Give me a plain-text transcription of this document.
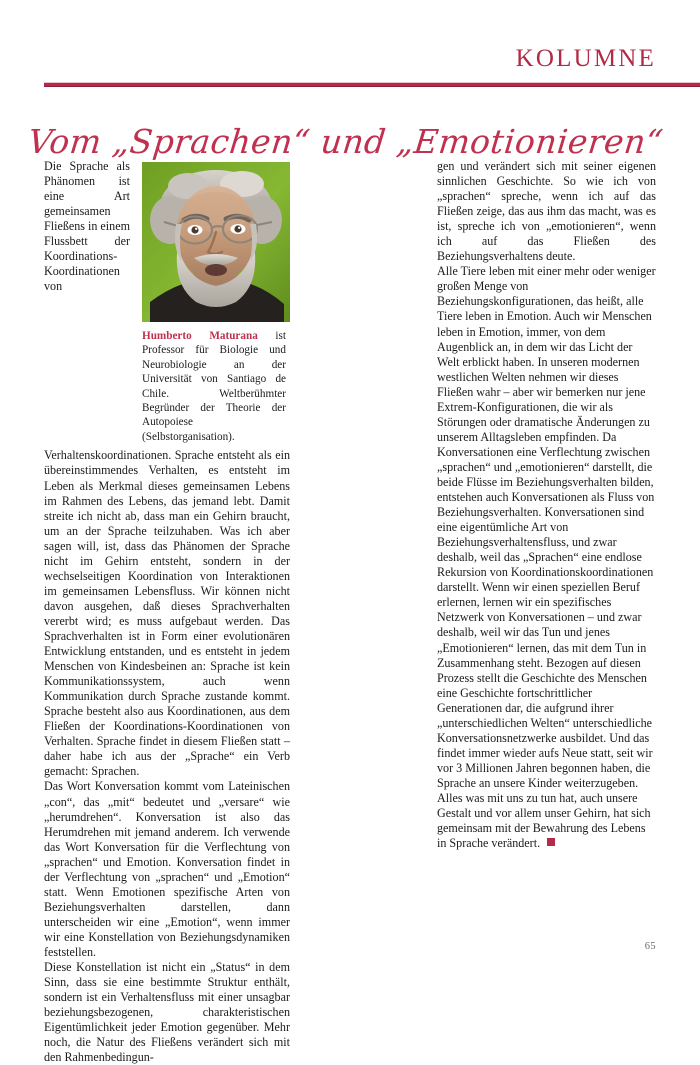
KOLUMNE
Vom „Sprachen“ und „Emotionieren“
Humberto Maturana ist Professor für Biologie und Neurobiologie an der Universität von Santiago de Chile. Weltberühmter Begründer der Theorie der Autopoiese (Selbstorganisation).

Die Sprache als Phänomen ist eine Art gemeinsamen Fließens in einem Flussbett der Koordinations-Koordinationen von Verhaltenskoordinationen. Sprache entsteht als ein übereinstimmendes Verhalten, es entsteht im Leben als Merkmal dieses gemeinsamen Lebens im Rahmen des Lebens, das jemand lebt. Damit streite ich nicht ab, dass man ein Gehirn braucht, um an der Sprache teilzuhaben. Was ich aber sagen will, ist, dass das Phänomen der Sprache nicht im Gehirn entsteht, sondern in der wechselseitigen Koordination von Interaktionen im gemeinsamen Lebensfluss. Wir können nicht davon ausgehen, daß dieses Sprachverhalten vererbt wird; es muss aufgebaut werden. Das Sprachverhalten ist in Form einer evolutionären Entwicklung entstanden, und es entsteht in jedem Menschen von Kindesbeinen an: Sprache ist kein Kommunikationssystem, auch wenn Kommunikation durch Sprache zustande kommt. Sprache besteht also aus Koordinationen, aus dem Fließen der Koordinations-Koordinationen von Verhalten. Sprache findet in diesem Fließen statt – daher habe ich aus der „Sprache“ ein Verb gemacht: Sprachen.

Das Wort Konversation kommt vom Lateinischen „con“, das „mit“ bedeutet und „versare“ wie „herumdrehen“. Konversation ist also das Herumdrehen mit jemand anderem. Ich verwende das Wort Konversation für die Verflechtung von „sprachen“ und Emotion. Konversation findet in der Verflechtung von „sprachen“ und „Emotion“ statt. Wenn Emotionen spezifische Arten von Beziehungsverhalten darstellen, dann unterscheiden wir eine „Emotion“, wenn immer wir eine Konstellation von Beziehungsdynamiken feststellen.

Diese Konstellation ist nicht ein „Status“ in dem Sinn, dass sie eine bestimmte Struktur enthält, sondern ist ein Verhaltensfluss mit einer unsagbar beziehungsbezogenen, charakteristischen Eigentümlichkeit jeder Emotion gegenüber. Mehr noch, die Natur des Fließens verändert sich mit den Rahmenbedingun-

gen und verändert sich mit seiner eigenen sinnlichen Geschichte. So wie ich von „sprachen“ spreche, wenn ich auf das Fließen zeige, das aus ihm das macht, was es ist, spreche ich von „emotionieren“, wenn ich auf das Fließen des Beziehungsverhaltens deute.

Alle Tiere leben mit einer mehr oder weniger großen Menge von Beziehungskonfigurationen, das heißt, alle Tiere leben in Emotion. Auch wir Menschen leben in Emotion, immer, von dem Augenblick an, in dem wir das Licht der Welt erblickt haben. In unseren modernen westlichen Welten nehmen wir dieses Fließen wahr – aber wir bemerken nur jene Extrem-Konfigurationen, die wir als Störungen oder dramatische Änderungen zu unserem Alltagsleben empfinden. Da Konversationen eine Verflechtung zwischen „sprachen“ und „emotionieren“ darstellt, die beide Flüsse im Beziehungsverhalten bilden, entstehen auch Konversationen als Fluss von Beziehungsverhalten. Konversationen sind eine eigentümliche Art von Beziehungsverhaltensfluss, und zwar deshalb, weil das „Sprachen“ eine endlose Rekursion von Koordinationskoordinationen darstellt. Wenn wir einen speziellen Beruf erlernen, lernen wir ein spezifisches Netzwerk von Konversationen – und zwar deshalb, weil wir das Tun und jenes „Emotionieren“ lernen, das mit dem Tun in Zusammenhang steht. Bezogen auf diesen Prozess stellt die Geschichte des Menschen eine Geschichte fortschrittlicher Generationen dar, die aufgrund ihrer „unterschiedlichen Welten“ unterschiedliche Konversationsnetzwerke ausbildet. Und das findet immer wieder aufs Neue statt, seit wir vor 3 Millionen Jahren begonnen haben, die Sprache an unsere Kinder weiterzugeben. Alles was mit uns zu tun hat, auch unsere Gestalt und vor allem unser Gehirn, hat sich gemeinsam mit der Bewahrung des Lebens in Sprache verändert.

65
